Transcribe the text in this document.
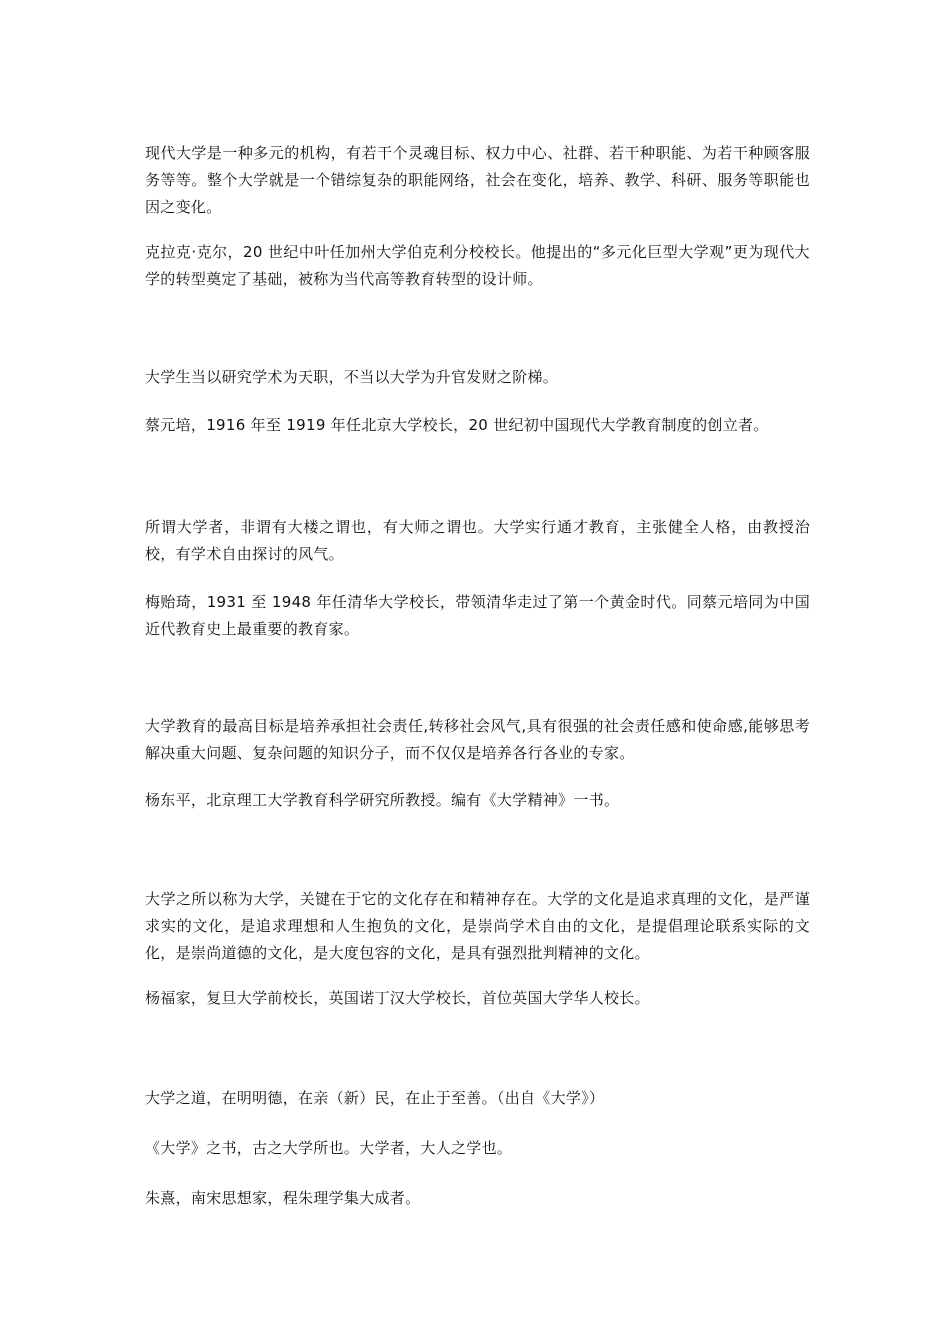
现代大学是一种多元的机构，有若干个灵魂目标、权力中心、社群、若干种职能、为若干种顾客服务等等。整个大学就是一个错综复杂的职能网络，社会在变化，培养、教学、科研、服务等职能也因之变化。

克拉克·克尔，20 世纪中叶任加州大学伯克利分校校长。他提出的“多元化巨型大学观”更为现代大学的转型奠定了基础，被称为当代高等教育转型的设计师。

大学生当以研究学术为天职，不当以大学为升官发财之阶梯。

蔡元培，1916 年至 1919 年任北京大学校长，20 世纪初中国现代大学教育制度的创立者。

所谓大学者，非谓有大楼之谓也，有大师之谓也。大学实行通才教育，主张健全人格，由教授治校，有学术自由探讨的风气。

梅贻琦，1931 至 1948 年任清华大学校长，带领清华走过了第一个黄金时代。同蔡元培同为中国近代教育史上最重要的教育家。

大学教育的最高目标是培养承担社会责任,转移社会风气,具有很强的社会责任感和使命感,能够思考解决重大问题、复杂问题的知识分子，而不仅仅是培养各行各业的专家。

杨东平，北京理工大学教育科学研究所教授。编有《大学精神》一书。

大学之所以称为大学，关键在于它的文化存在和精神存在。大学的文化是追求真理的文化，是严谨求实的文化，是追求理想和人生抱负的文化，是崇尚学术自由的文化，是提倡理论联系实际的文化，是崇尚道德的文化，是大度包容的文化，是具有强烈批判精神的文化。

杨福家，复旦大学前校长，英国诺丁汉大学校长，首位英国大学华人校长。

大学之道，在明明德，在亲（新）民，在止于至善。（出自《大学》）

《大学》之书，古之大学所也。大学者，大人之学也。

朱熹，南宋思想家，程朱理学集大成者。
